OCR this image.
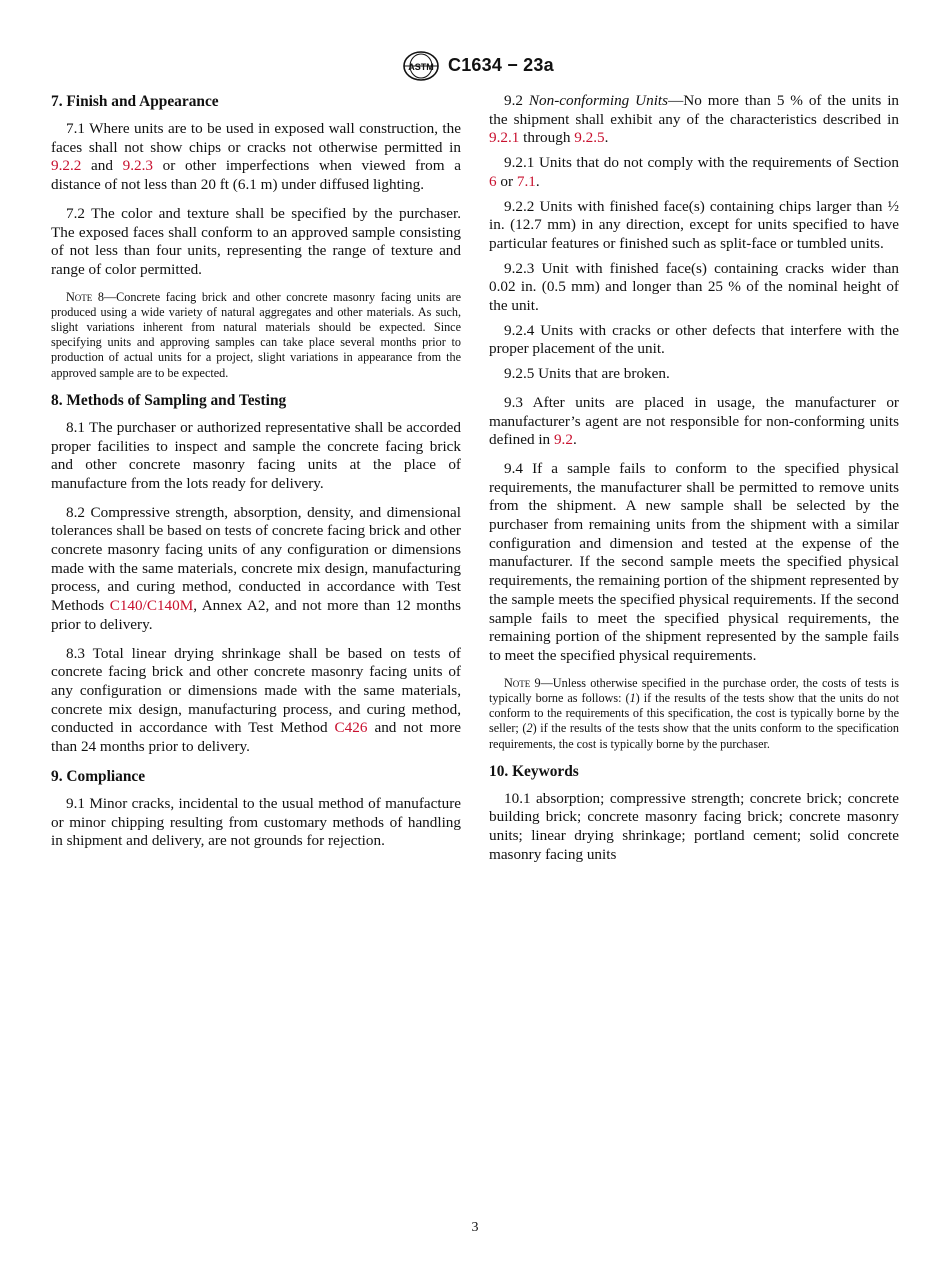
ASTM C1634 − 23a
7. Finish and Appearance

7.1 Where units are to be used in exposed wall construction, the faces shall not show chips or cracks not otherwise permitted in 9.2.2 and 9.2.3 or other imperfections when viewed from a distance of not less than 20 ft (6.1 m) under diffused lighting.

7.2 The color and texture shall be specified by the purchaser. The exposed faces shall conform to an approved sample consisting of not less than four units, representing the range of texture and range of color permitted.

Note 8—Concrete facing brick and other concrete masonry facing units are produced using a wide variety of natural aggregates and other materials. As such, slight variations inherent from natural materials should be expected. Since specifying units and approving samples can take place several months prior to production of actual units for a project, slight variations in appearance from the approved sample are to be expected.

8. Methods of Sampling and Testing

8.1 The purchaser or authorized representative shall be accorded proper facilities to inspect and sample the concrete facing brick and other concrete masonry facing units at the place of manufacture from the lots ready for delivery.

8.2 Compressive strength, absorption, density, and dimensional tolerances shall be based on tests of concrete facing brick and other concrete masonry facing units of any configuration or dimensions made with the same materials, concrete mix design, manufacturing process, and curing method, conducted in accordance with Test Methods C140/C140M, Annex A2, and not more than 12 months prior to delivery.

8.3 Total linear drying shrinkage shall be based on tests of concrete facing brick and other concrete masonry facing units of any configuration or dimensions made with the same materials, concrete mix design, manufacturing process, and curing method, conducted in accordance with Test Method C426 and not more than 24 months prior to delivery.

9. Compliance

9.1 Minor cracks, incidental to the usual method of manufacture or minor chipping resulting from customary methods of handling in shipment and delivery, are not grounds for rejection.

9.2 Non-conforming Units—No more than 5 % of the units in the shipment shall exhibit any of the characteristics described in 9.2.1 through 9.2.5.

9.2.1 Units that do not comply with the requirements of Section 6 or 7.1.

9.2.2 Units with finished face(s) containing chips larger than ½ in. (12.7 mm) in any direction, except for units specified to have particular features or finished such as split-face or tumbled units.

9.2.3 Unit with finished face(s) containing cracks wider than 0.02 in. (0.5 mm) and longer than 25 % of the nominal height of the unit.

9.2.4 Units with cracks or other defects that interfere with the proper placement of the unit.

9.2.5 Units that are broken.

9.3 After units are placed in usage, the manufacturer or manufacturer’s agent are not responsible for non-conforming units defined in 9.2.

9.4 If a sample fails to conform to the specified physical requirements, the manufacturer shall be permitted to remove units from the shipment. A new sample shall be selected by the purchaser from remaining units from the shipment with a similar configuration and dimension and tested at the expense of the manufacturer. If the second sample meets the specified physical requirements, the remaining portion of the shipment represented by the sample meets the specified physical requirements. If the second sample fails to meet the specified physical requirements, the remaining portion of the shipment represented by the sample fails to meet the specified physical requirements.

Note 9—Unless otherwise specified in the purchase order, the costs of tests is typically borne as follows: (1) if the results of the tests show that the units do not conform to the requirements of this specification, the cost is typically borne by the seller; (2) if the results of the tests show that the units conform to the specification requirements, the cost is typically borne by the purchaser.

10. Keywords

10.1 absorption; compressive strength; concrete brick; concrete building brick; concrete masonry facing brick; concrete masonry units; linear drying shrinkage; portland cement; solid concrete masonry facing units

3
